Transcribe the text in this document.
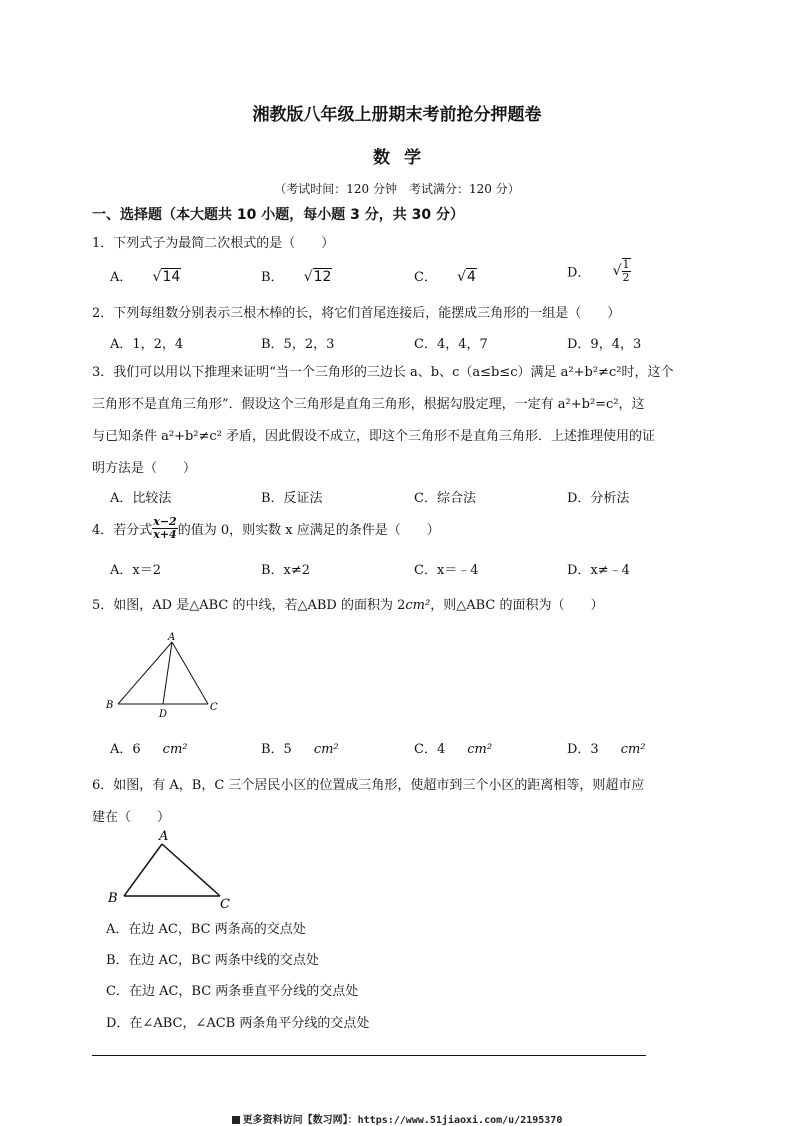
湘教版八年级上册期末考前抢分押题卷
数学
（考试时间：120 分钟　考试满分：120 分）
一、选择题（本大题共 10 小题，每小题 3 分，共 30 分）
1．下列式子为最简二次根式的是（　　）
A． √14	B． √12	C． √4	D． √ $\frac{1}{2}$
2．下列每组数分别表示三根木棒的长，将它们首尾连接后，能摆成三角形的一组是（　　）
A．1，2，4	B．5，2，3	C．4，4，7	D．9，4，3
3．我们可以用以下推理来证明“当一个三角形的三边长 a、b、c（a≤b≤c）满足 a²+b²≠c²时，这个
三角形不是直角三角形”．假设这个三角形是直角三角形，根据勾股定理，一定有 a²+b²=c²，这
与已知条件 a²+b²≠c² 矛盾，因此假设不成立，即这个三角形不是直角三角形．上述推理使用的证
明方法是（　　）
A．比较法	B．反证法	C．综合法	D．分析法
4．若分式 $\frac{x-2}{x+4}$ 的值为 0，则实数 x 应满足的条件是（　　）
A．x＝2	B．x≠2	C．x＝﹣4	D．x≠﹣4
5．如图，AD 是△ABC 的中线，若△ABD 的面积为 2cm²，则△ABC 的面积为（　　）
A
B
D
C
A．6 cm²	B．5 cm²	C．4 cm²	D．3 cm²
6．如图，有 A，B，C 三个居民小区的位置成三角形，使超市到三个小区的距离相等，则超市应
建在（　　）
A
B	C
A．在边 AC，BC 两条高的交点处
B．在边 AC，BC 两条中线的交点处
C．在边 AC，BC 两条垂直平分线的交点处
D．在∠ABC，∠ACB 两条角平分线的交点处
更多资料访问【数习网】：https://www.51jiaoxi.com/u/2195370
